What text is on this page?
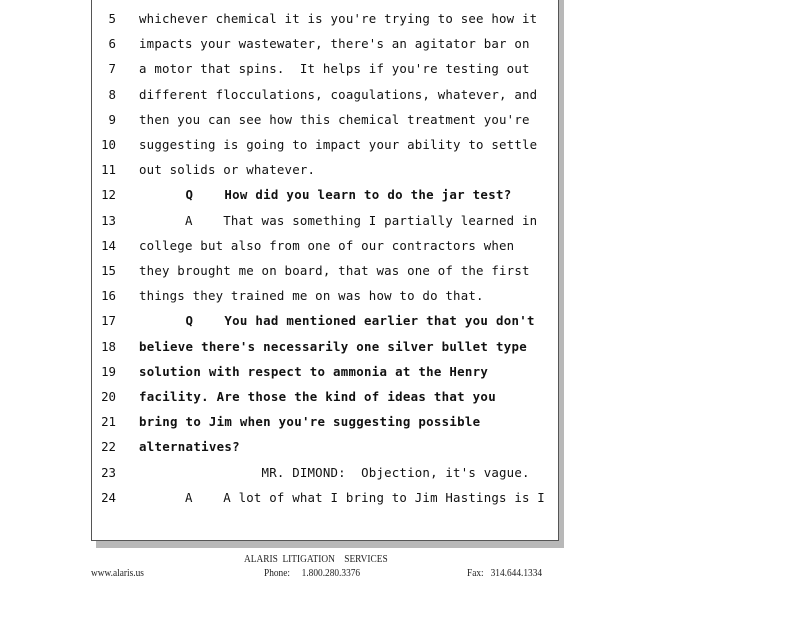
5 whichever chemical it is you're trying to see how it
6 impacts your wastewater, there's an agitator bar on
7 a motor that spins.  It helps if you're testing out
8 different flocculations, coagulations, whatever, and
9 then you can see how this chemical treatment you're
10 suggesting is going to impact your ability to settle
11 out solids or whatever.
12 Q    How did you learn to do the jar test?
13 A    That was something I partially learned in
14 college but also from one of our contractors when
15 they brought me on board, that was one of the first
16 things they trained me on was how to do that.
17 Q    You had mentioned earlier that you don't
18 believe there's necessarily one silver bullet type
19 solution with respect to ammonia at the Henry
20 facility. Are those the kind of ideas that you
21 bring to Jim when you're suggesting possible
22 alternatives?
23 MR. DIMOND:  Objection, it's vague.
24 A    A lot of what I bring to Jim Hastings is I
ALARIS  LITIGATION    SERVICES
www.alaris.us	Phone:     1.800.280.3376	Fax:   314.644.1334
